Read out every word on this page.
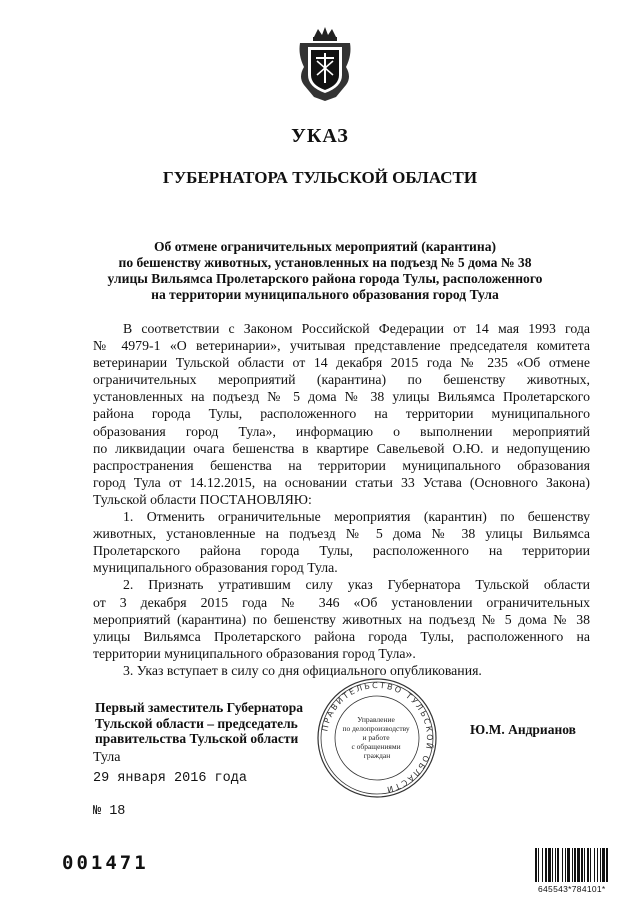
УКАЗ
ГУБЕРНАТОРА ТУЛЬСКОЙ ОБЛАСТИ
Об отмене ограничительных мероприятий (карантина)
по бешенству животных, установленных на подъезд № 5 дома № 38
улицы Вильямса Пролетарского района города Тулы, расположенного
на территории муниципального образования город Тула
В соответствии с Законом Российской Федерации от 14 мая 1993 года
№ 4979-1 «О ветеринарии», учитывая представление председателя комитета
ветеринарии Тульской области от 14 декабря 2015 года № 235 «Об отмене
ограничительных мероприятий (карантина) по бешенству животных,
установленных на подъезд № 5 дома № 38 улицы Вильямса Пролетарского
района города Тулы, расположенного на территории муниципального
образования город Тула», информацию о выполнении мероприятий
по ликвидации очага бешенства в квартире Савельевой О.Ю. и недопущению
распространения бешенства на территории муниципального образования
город Тула от 14.12.2015, на основании статьи 33 Устава (Основного Закона)
Тульской области ПОСТАНОВЛЯЮ:
1. Отменить ограничительные мероприятия (карантин) по бешенству
животных, установленные на подъезд № 5 дома № 38 улицы Вильямса
Пролетарского района города Тулы, расположенного на территории
муниципального образования город Тула.
2. Признать утратившим силу указ Губернатора Тульской области
от 3 декабря 2015 года № 346 «Об установлении ограничительных
мероприятий (карантина) по бешенству животных на подъезд № 5 дома № 38
улицы Вильямса Пролетарского района города Тулы, расположенного на
территории муниципального образования город Тула».
3. Указ вступает в силу со дня официального опубликования.
Первый заместитель Губернатора
Тульской области – председатель
правительства Тульской области
ПРАВИТЕЛЬСТВО ТУЛЬСКОЙ ОБЛАСТИ
Управление по делопроизводству и работе с обращениями граждан
Ю.М. Андрианов
Тула
29 января 2016 года
№ 18
001471
645543*784101*
